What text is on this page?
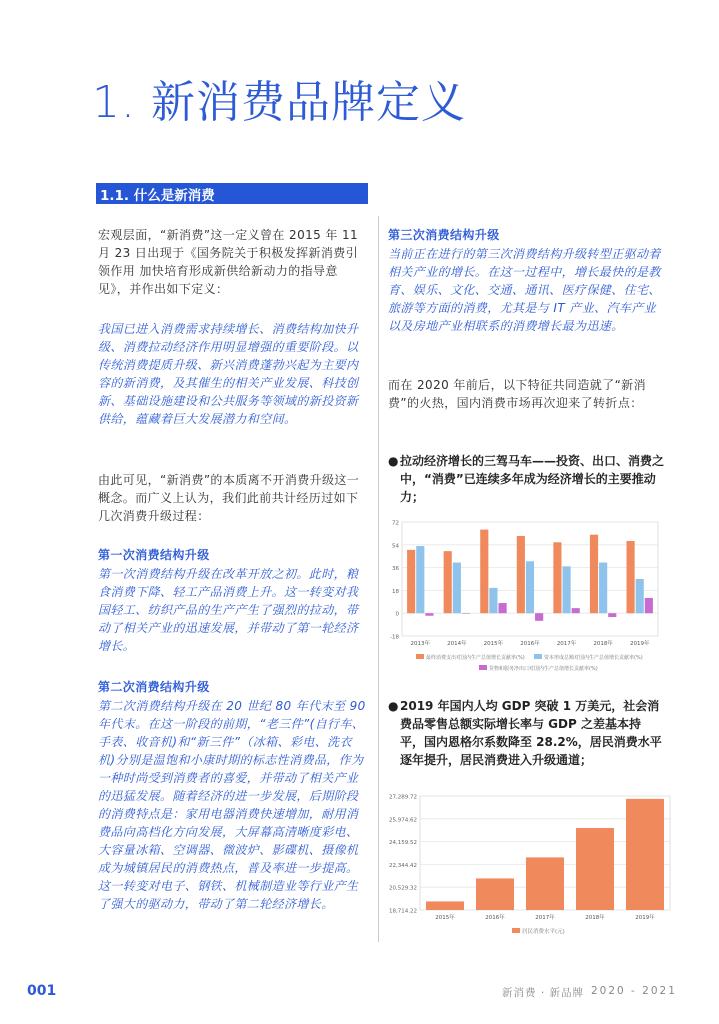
1. 新消费品牌定义
1.1. 什么是新消费
宏观层面，“新消费”这一定义曾在 2015 年 11 月 23 日出现于《国务院关于积极发挥新消费引领作用 加快培育形成新供给新动力的指导意见》，并作出如下定义：
我国已进入消费需求持续增长、消费结构加快升级、消费拉动经济作用明显增强的重要阶段。以传统消费提质升级、新兴消费蓬勃兴起为主要内容的新消费，及其催生的相关产业发展、科技创新、基础设施建设和公共服务等领域的新投资新供给，蕴藏着巨大发展潜力和空间。
由此可见，“新消费”的本质离不开消费升级这一概念。而广义上认为，我们此前共计经历过如下几次消费升级过程：
第一次消费结构升级
第一次消费结构升级在改革开放之初。此时，粮食消费下降、轻工产品消费上升。这一转变对我国轻工、纺织产品的生产产生了强烈的拉动，带动了相关产业的迅速发展，并带动了第一轮经济增长。
第二次消费结构升级
第二次消费结构升级在 20 世纪 80 年代末至 90 年代末。在这一阶段的前期，“老三件”(自行车、手表、收音机)和“新三件”（冰箱、彩电、洗衣机)分别是温饱和小康时期的标志性消费品，作为一种时尚受到消费者的喜爱，并带动了相关产业的迅猛发展。随着经济的进一步发展，后期阶段的消费特点是：家用电器消费快速增加，耐用消费品向高档化方向发展，大屏幕高清晰度彩电、大容量冰箱、空调器、微波炉、影碟机、摄像机成为城镇居民的消费热点，普及率进一步提高。这一转变对电子、钢铁、机械制造业等行业产生了强大的驱动力，带动了第二轮经济增长。
第三次消费结构升级
当前正在进行的第三次消费结构升级转型正驱动着相关产业的增长。在这一过程中，增长最快的是教育、娱乐、文化、交通、通讯、医疗保健、住宅、旅游等方面的消费，尤其是与 IT 产业、汽车产业以及房地产业相联系的消费增长最为迅速。
而在 2020 年前后，以下特征共同造就了“新消费”的火热，国内消费市场再次迎来了转折点：
● 拉动经济增长的三驾马车——投资、出口、消费之中，“消费”已连续多年成为经济增长的主要推动力；
72
54
36
18
0
-18
2013年	2014年	2015年	2016年	2017年	2018年	2019年
最终消费支出对国内生产总值增长贡献率(%)	资本形成总额对国内生产总值增长贡献率(%)
货物和服务净出口对国内生产总值增长贡献率(%)
● 2019 年国内人均 GDP 突破 1 万美元，社会消费品零售总额实际增长率与 GDP 之差基本持平，国内恩格尔系数降至 28.2%，居民消费水平逐年提升，居民消费进入升级通道；
27,289.72
25,974.62
24,159.52
22,344.42
20,529.32
18,714.22
2015年	2016年	2017年	2018年	2019年
居民消费水平(元)
001	新消费 · 新品牌 2020 - 2021
